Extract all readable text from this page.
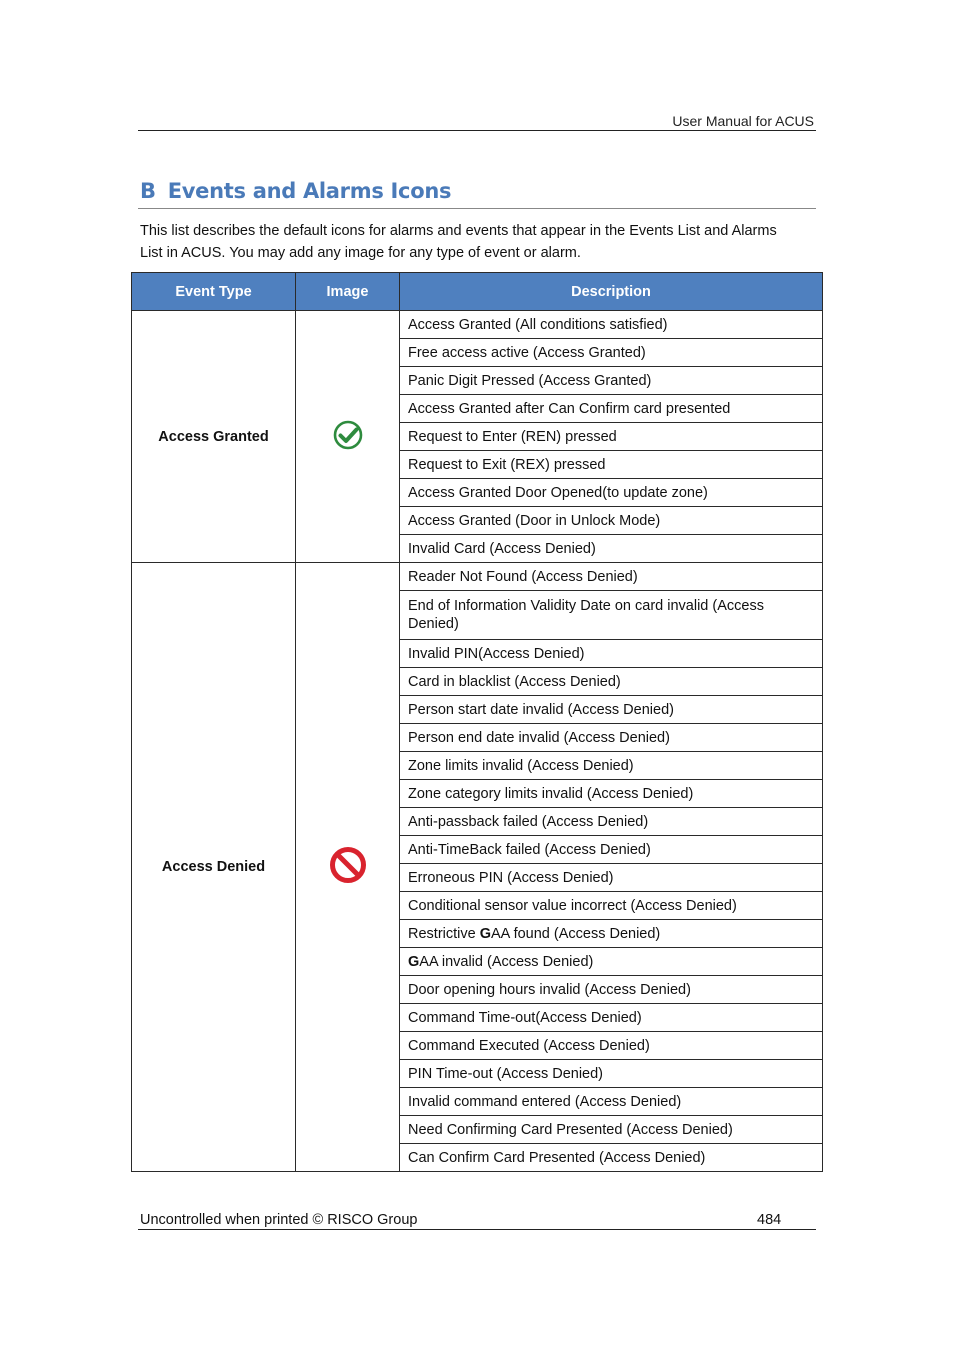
User Manual for ACUS
B Events and Alarms Icons
This list describes the default icons for alarms and events that appear in the Events List and Alarms List in ACUS. You may add any image for any type of event or alarm.
Event Type	Image	Description
Access Granted		Access Granted (All conditions satisfied)
		Free access active (Access Granted)
		Panic Digit Pressed (Access Granted)
		Access Granted after Can Confirm card presented
		Request to Enter (REN) pressed
		Request to Exit (REX) pressed
		Access Granted Door Opened(to update zone)
		Access Granted (Door in Unlock Mode)
		Invalid Card (Access Denied)
Access Denied		Reader Not Found (Access Denied)
		End of Information Validity Date on card invalid (Access Denied)
		Invalid PIN(Access Denied)
		Card in blacklist (Access Denied)
		Person start date invalid (Access Denied)
		Person end date invalid (Access Denied)
		Zone limits invalid (Access Denied)
		Zone category limits invalid (Access Denied)
		Anti-passback failed (Access Denied)
		Anti-TimeBack failed (Access Denied)
		Erroneous PIN (Access Denied)
		Conditional sensor value incorrect (Access Denied)
		Restrictive GAA found (Access Denied)
		GAA invalid (Access Denied)
		Door opening hours invalid (Access Denied)
		Command Time-out(Access Denied)
		Command Executed (Access Denied)
		PIN Time-out (Access Denied)
		Invalid command entered (Access Denied)
		Need Confirming Card Presented (Access Denied)
		Can Confirm Card Presented (Access Denied)
Uncontrolled when printed © RISCO Group	484
